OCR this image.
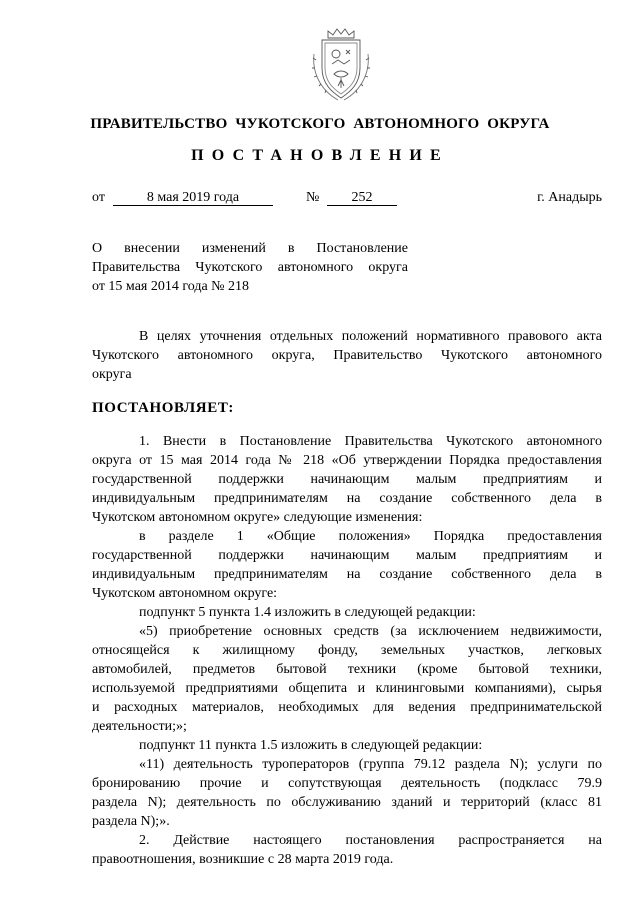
ПРАВИТЕЛЬСТВО ЧУКОТСКОГО АВТОНОМНОГО ОКРУГА
ПОСТАНОВЛЕНИЕ
от	8 мая 2019 года	№	252	г. Анадырь
О внесении изменений в Постановление
Правительства Чукотского автономного округа
от 15 мая 2014 года № 218
В целях уточнения отдельных положений нормативного правового акта
Чукотского автономного округа, Правительство Чукотского автономного
округа
ПОСТАНОВЛЯЕТ:
1. Внести в Постановление Правительства Чукотского автономного
округа от 15 мая 2014 года № 218 «Об утверждении Порядка предоставления
государственной поддержки начинающим малым предприятиям и
индивидуальным предпринимателям на создание собственного дела в
Чукотском автономном округе» следующие изменения:
в разделе 1 «Общие положения» Порядка предоставления
государственной поддержки начинающим малым предприятиям и
индивидуальным предпринимателям на создание собственного дела в
Чукотском автономном округе:
подпункт 5 пункта 1.4 изложить в следующей редакции:
«5) приобретение основных средств (за исключением недвижимости,
относящейся к жилищному фонду, земельных участков, легковых
автомобилей, предметов бытовой техники (кроме бытовой техники,
используемой предприятиями общепита и клининговыми компаниями), сырья
и расходных материалов, необходимых для ведения предпринимательской
деятельности;»;
подпункт 11 пункта 1.5 изложить в следующей редакции:
«11) деятельность туроператоров (группа 79.12 раздела N); услуги по
бронированию прочие и сопутствующая деятельность (подкласс 79.9
раздела N); деятельность по обслуживанию зданий и территорий (класс 81
раздела N);».
2. Действие настоящего постановления распространяется на
правоотношения, возникшие с 28 марта 2019 года.
